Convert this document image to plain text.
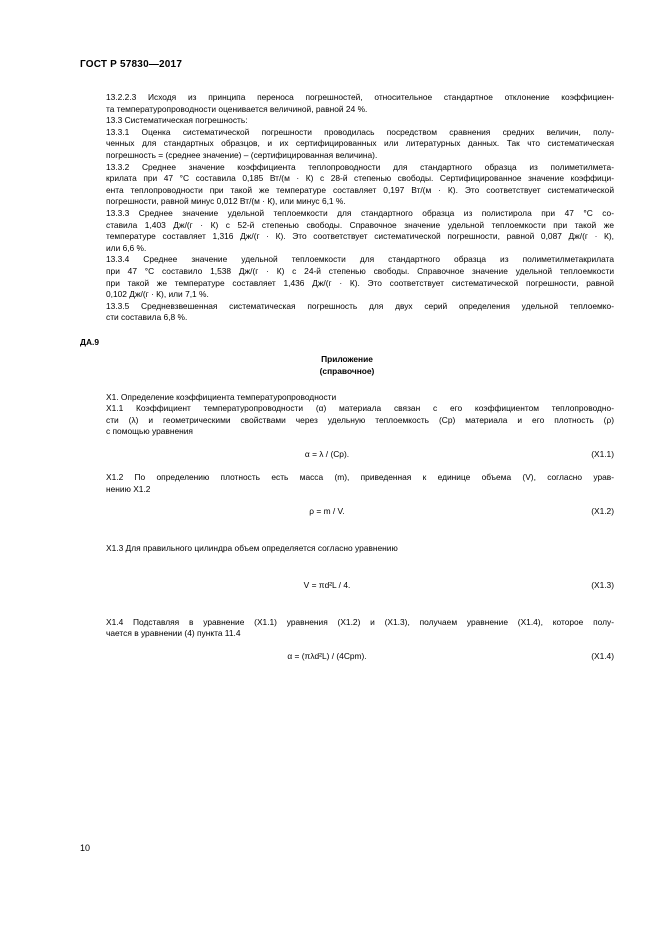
ГОСТ Р 57830—2017
13.2.2.3 Исходя из принципа переноса погрешностей, относительное стандартное отклонение коэффициен-
та температуропроводности оценивается величиной, равной 24 %.
13.3 Систематическая погрешность:
13.3.1 Оценка систематической погрешности проводилась посредством сравнения средних величин, полу-
ченных для стандартных образцов, и их сертифицированных или литературных данных. Так что систематическая
погрешность = (среднее значение) – (сертифицированная величина).
13.3.2 Среднее значение коэффициента теплопроводности для стандартного образца из полиметилмета-
крилата при 47 °С составила 0,185 Вт/(м · К) с 28-й степенью свободы. Сертифицированное значение коэффици-
ента теплопроводности при такой же температуре составляет 0,197 Вт/(м · К). Это соответствует систематической
погрешности, равной минус 0,012 Вт/(м · К), или минус 6,1 %.
13.3.3 Среднее значение удельной теплоемкости для стандартного образца из полистирола при 47 °С со-
ставила 1,403 Дж/(г · К) с 52-й степенью свободы. Справочное значение удельной теплоемкости при такой же
температуре составляет 1,316 Дж/(г · К). Это соответствует систематической погрешности, равной 0,087 Дж/(г · К),
или 6,6 %.
13.3.4 Среднее значение удельной теплоемкости для стандартного образца из полиметилметакрилата
при 47 °С составило 1,538 Дж/(г · К) с 24-й степенью свободы. Справочное значение удельной теплоемкости
при такой же температуре составляет 1,436 Дж/(г · К). Это соответствует систематической погрешности, равной
0,102 Дж/(г · К), или 7,1 %.
13.3.5 Средневзвешенная систематическая погрешность для двух серий определения удельной теплоемко-
сти составила 6,8 %.
ДА.9

Приложение

(справочное)

Х1. Определение коэффициента температуропроводности
Х1.1 Коэффициент температуропроводности (α) материала связан с его коэффициентом теплопроводно-
сти (λ) и геометрическими свойствами через удельную теплоемкость (Cp) материала и его плотность (ρ)
с помощью уравнения
α = λ / (Cp).	(Х1.1)
Х1.2 По определению плотность есть масса (m), приведенная к единице объема (V), согласно урав-
нению Х1.2
ρ = m / V.	(Х1.2)
Х1.3 Для правильного цилиндра объем определяется согласно уравнению
V = πd²L / 4.	(Х1.3)
Х1.4 Подставляя в уравнение (Х1.1) уравнения (Х1.2) и (Х1.3), получаем уравнение (Х1.4), которое полу-
чается в уравнении (4) пункта 11.4
α = (πλd²L) / (4Cpm).	(Х1.4)
10
